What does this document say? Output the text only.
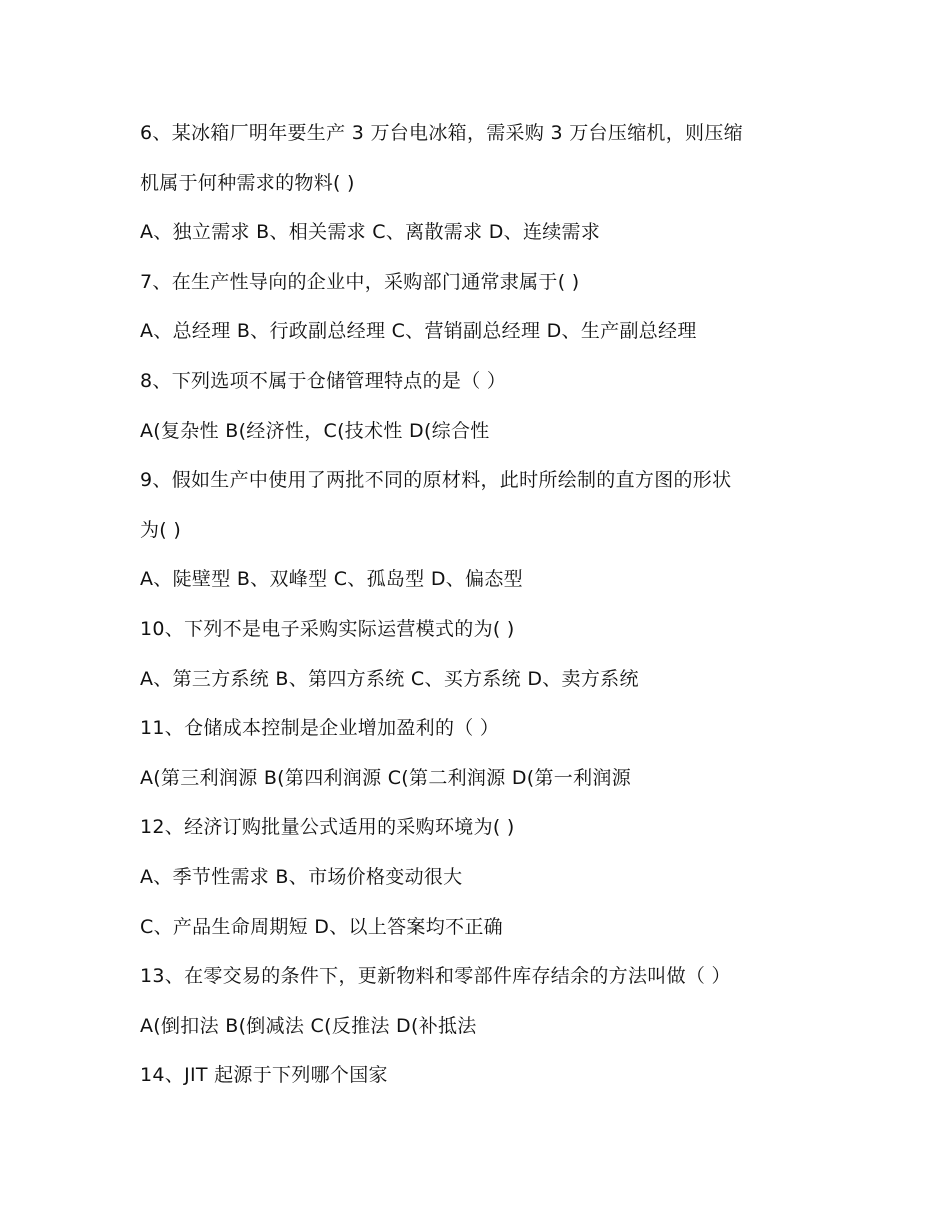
6、某冰箱厂明年要生产 3 万台电冰箱，需采购 3 万台压缩机，则压缩
机属于何种需求的物料( )
A、独立需求 B、相关需求 C、离散需求 D、连续需求
7、在生产性导向的企业中，采购部门通常隶属于( )
A、总经理 B、行政副总经理 C、营销副总经理 D、生产副总经理
8、下列选项不属于仓储管理特点的是（ ）
A(复杂性 B(经济性，C(技术性 D(综合性
9、假如生产中使用了两批不同的原材料，此时所绘制的直方图的形状
为( )
A、陡壁型 B、双峰型 C、孤岛型 D、偏态型
10、下列不是电子采购实际运营模式的为( )
A、第三方系统 B、第四方系统 C、买方系统 D、卖方系统
11、仓储成本控制是企业增加盈利的（ ）
A(第三利润源 B(第四利润源 C(第二利润源 D(第一利润源
12、经济订购批量公式适用的采购环境为( )
A、季节性需求 B、市场价格变动很大
C、产品生命周期短 D、以上答案均不正确
13、在零交易的条件下，更新物料和零部件库存结余的方法叫做（ ）
A(倒扣法 B(倒减法 C(反推法 D(补抵法
14、JIT 起源于下列哪个国家
